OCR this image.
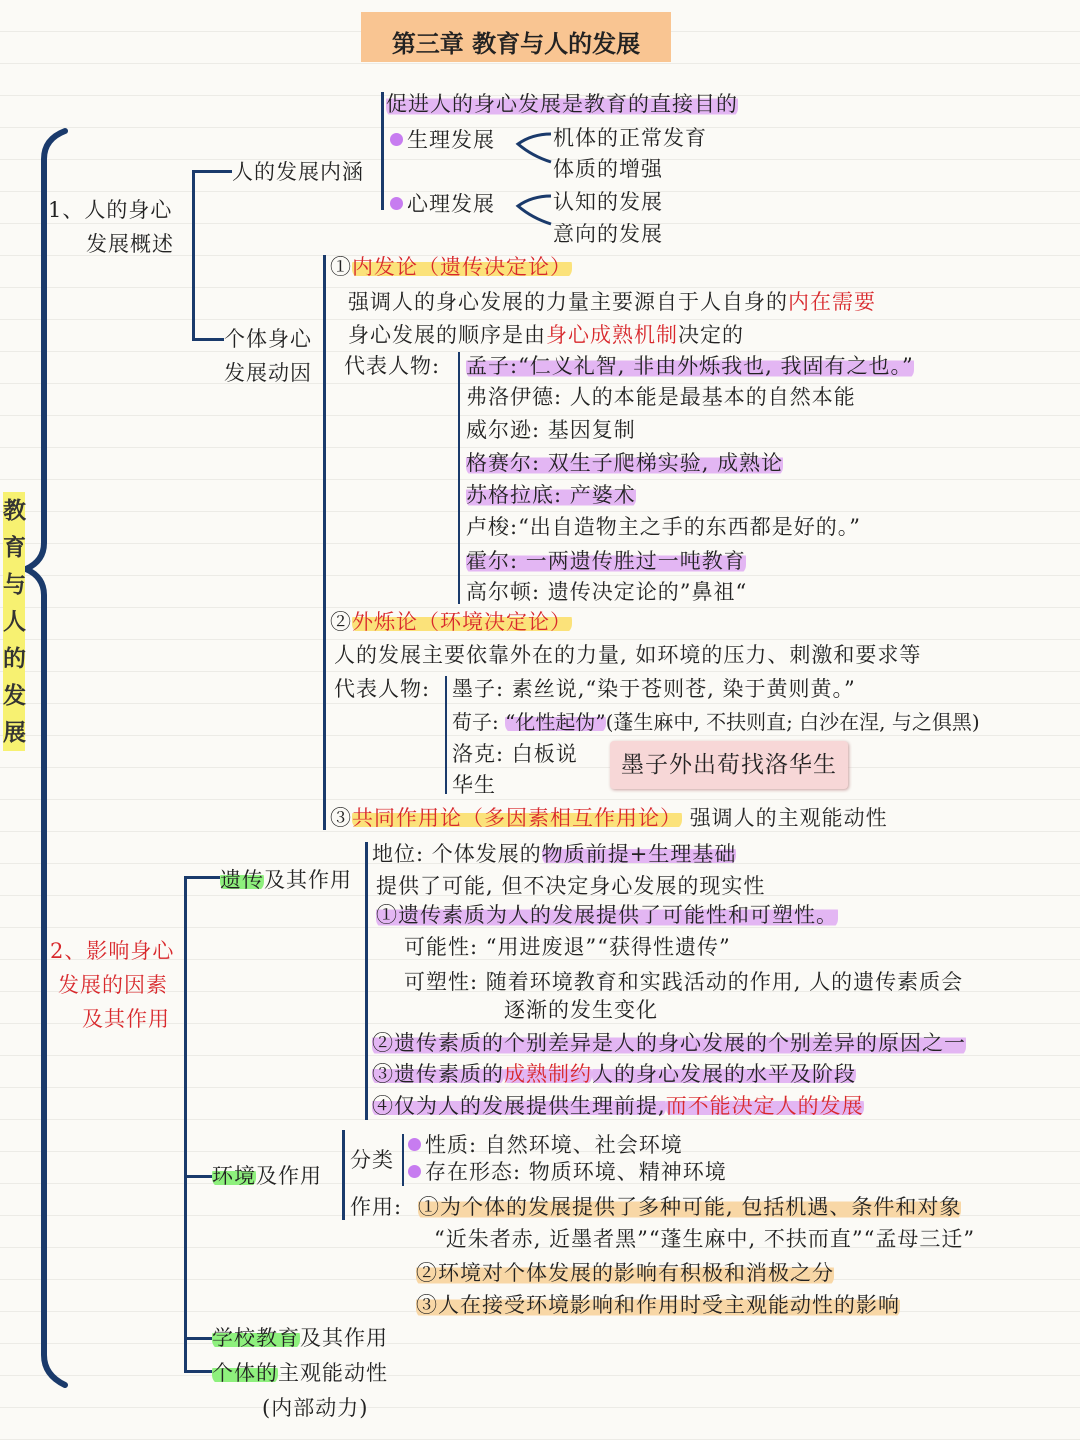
第三章 教育与人的发展
教
育
与
人
的
发
展
1、人的身心
发展概述
人的发展内涵
促进人的身心发展是教育的直接目的
生理发展	机体的正常发育
体质的增强
心理发展	认知的发展
意向的发展
个体身心
发展动因
①内发论（遗传决定论）
强调人的身心发展的力量主要源自于人自身的内在需要
身心发展的顺序是由身心成熟机制决定的
代表人物: 孟子:“仁义礼智, 非由外烁我也, 我固有之也。”
弗洛伊德: 人的本能是最基本的自然本能
威尔逊: 基因复制
格赛尔: 双生子爬梯实验, 成熟论
苏格拉底: 产婆术
卢梭:“出自造物主之手的东西都是好的。”
霍尔: 一两遗传胜过一吨教育
高尔顿: 遗传决定论的”鼻祖“
②外烁论（环境决定论）
人的发展主要依靠外在的力量, 如环境的压力、刺激和要求等
代表人物: 墨子: 素丝说,“染于苍则苍, 染于黄则黄。”
荀子: “化性起伪”(蓬生麻中, 不扶则直; 白沙在涅, 与之俱黑)
洛克: 白板说
华生
墨子外出荀找洛华生
③共同作用论（多因素相互作用论） 强调人的主观能动性
2、影响身心
发展的因素
及其作用
遗传及其作用
地位: 个体发展的物质前提+生理基础
提供了可能, 但不决定身心发展的现实性
①遗传素质为人的发展提供了可能性和可塑性。
可能性: “用进废退”“获得性遗传”
可塑性: 随着环境教育和实践活动的作用, 人的遗传素质会
逐渐的发生变化
②遗传素质的个别差异是人的身心发展的个别差异的原因之一
③遗传素质的成熟制约人的身心发展的水平及阶段
④仅为人的发展提供生理前提,而不能决定人的发展
环境及作用
分类
性质: 自然环境、社会环境
存在形态: 物质环境、精神环境
作用: ①为个体的发展提供了多种可能, 包括机遇、条件和对象
“近朱者赤, 近墨者黑”“蓬生麻中, 不扶而直”“孟母三迁”
②环境对个体发展的影响有积极和消极之分
③人在接受环境影响和作用时受主观能动性的影响
学校教育及其作用
个体的主观能动性
(内部动力)
